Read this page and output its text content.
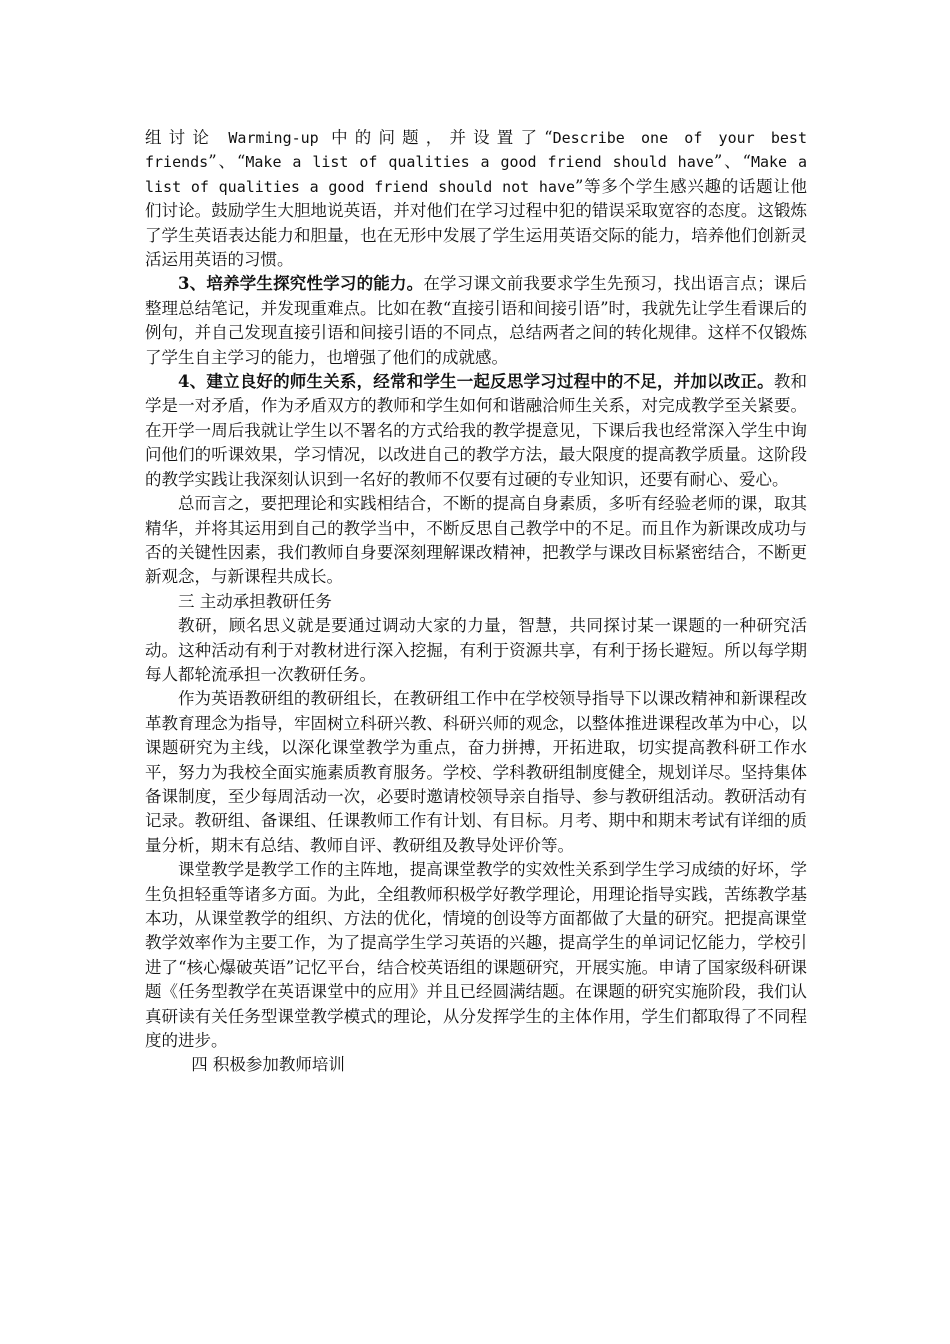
组讨论 Warming-up 中的问题，并设置了“Describe one of your best friends”、“Make a list of qualities a good friend should have”、“Make a list of qualities a good friend should not have”等多个学生感兴趣的话题让他们讨论。鼓励学生大胆地说英语，并对他们在学习过程中犯的错误采取宽容的态度。这锻炼了学生英语表达能力和胆量，也在无形中发展了学生运用英语交际的能力，培养他们创新灵活运用英语的习惯。

3、培养学生探究性学习的能力。在学习课文前我要求学生先预习，找出语言点；课后整理总结笔记，并发现重难点。比如在教“直接引语和间接引语”时，我就先让学生看课后的例句，并自己发现直接引语和间接引语的不同点，总结两者之间的转化规律。这样不仅锻炼了学生自主学习的能力，也增强了他们的成就感。

4、建立良好的师生关系，经常和学生一起反思学习过程中的不足，并加以改正。教和学是一对矛盾，作为矛盾双方的教师和学生如何和谐融洽师生关系，对完成教学至关紧要。在开学一周后我就让学生以不署名的方式给我的教学提意见，下课后我也经常深入学生中询问他们的听课效果，学习情况，以改进自己的教学方法，最大限度的提高教学质量。这阶段的教学实践让我深刻认识到一名好的教师不仅要有过硬的专业知识，还要有耐心、爱心。

总而言之，要把理论和实践相结合，不断的提高自身素质，多听有经验老师的课，取其精华，并将其运用到自己的教学当中，不断反思自己教学中的不足。而且作为新课改成功与否的关键性因素，我们教师自身要深刻理解课改精神，把教学与课改目标紧密结合，不断更新观念，与新课程共成长。

三 主动承担教研任务

教研，顾名思义就是要通过调动大家的力量，智慧，共同探讨某一课题的一种研究活动。这种活动有利于对教材进行深入挖掘，有利于资源共享，有利于扬长避短。所以每学期每人都轮流承担一次教研任务。

作为英语教研组的教研组长，在教研组工作中在学校领导指导下以课改精神和新课程改革教育理念为指导，牢固树立科研兴教、科研兴师的观念，以整体推进课程改革为中心，以课题研究为主线，以深化课堂教学为重点，奋力拼搏，开拓进取，切实提高教科研工作水平，努力为我校全面实施素质教育服务。学校、学科教研组制度健全，规划详尽。坚持集体备课制度，至少每周活动一次，必要时邀请校领导亲自指导、参与教研组活动。教研活动有记录。教研组、备课组、任课教师工作有计划、有目标。月考、期中和期末考试有详细的质量分析，期末有总结、教师自评、教研组及教导处评价等。

课堂教学是教学工作的主阵地，提高课堂教学的实效性关系到学生学习成绩的好坏，学生负担轻重等诸多方面。为此，全组教师积极学好教学理论，用理论指导实践，苦练教学基本功，从课堂教学的组织、方法的优化，情境的创设等方面都做了大量的研究。把提高课堂教学效率作为主要工作，为了提高学生学习英语的兴趣，提高学生的单词记忆能力，学校引进了“核心爆破英语”记忆平台，结合校英语组的课题研究，开展实施。申请了国家级科研课题《任务型教学在英语课堂中的应用》并且已经圆满结题。在课题的研究实施阶段，我们认真研读有关任务型课堂教学模式的理论，从分发挥学生的主体作用，学生们都取得了不同程度的进步。

四 积极参加教师培训
